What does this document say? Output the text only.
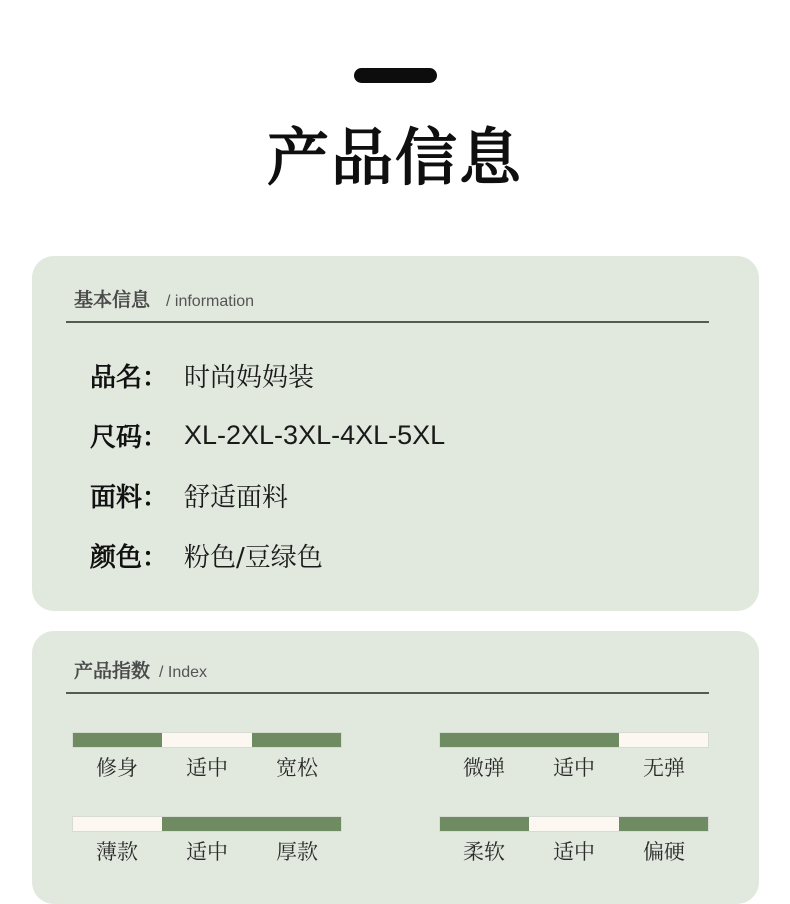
产品信息
基本信息 / information
品名： 时尚妈妈装
尺码： XL-2XL-3XL-4XL-5XL
面料： 舒适面料
颜色： 粉色/豆绿色
产品指数 / Index
修身	适中	宽松	微弹	适中	无弹
薄款	适中	厚款	柔软	适中	偏硬
